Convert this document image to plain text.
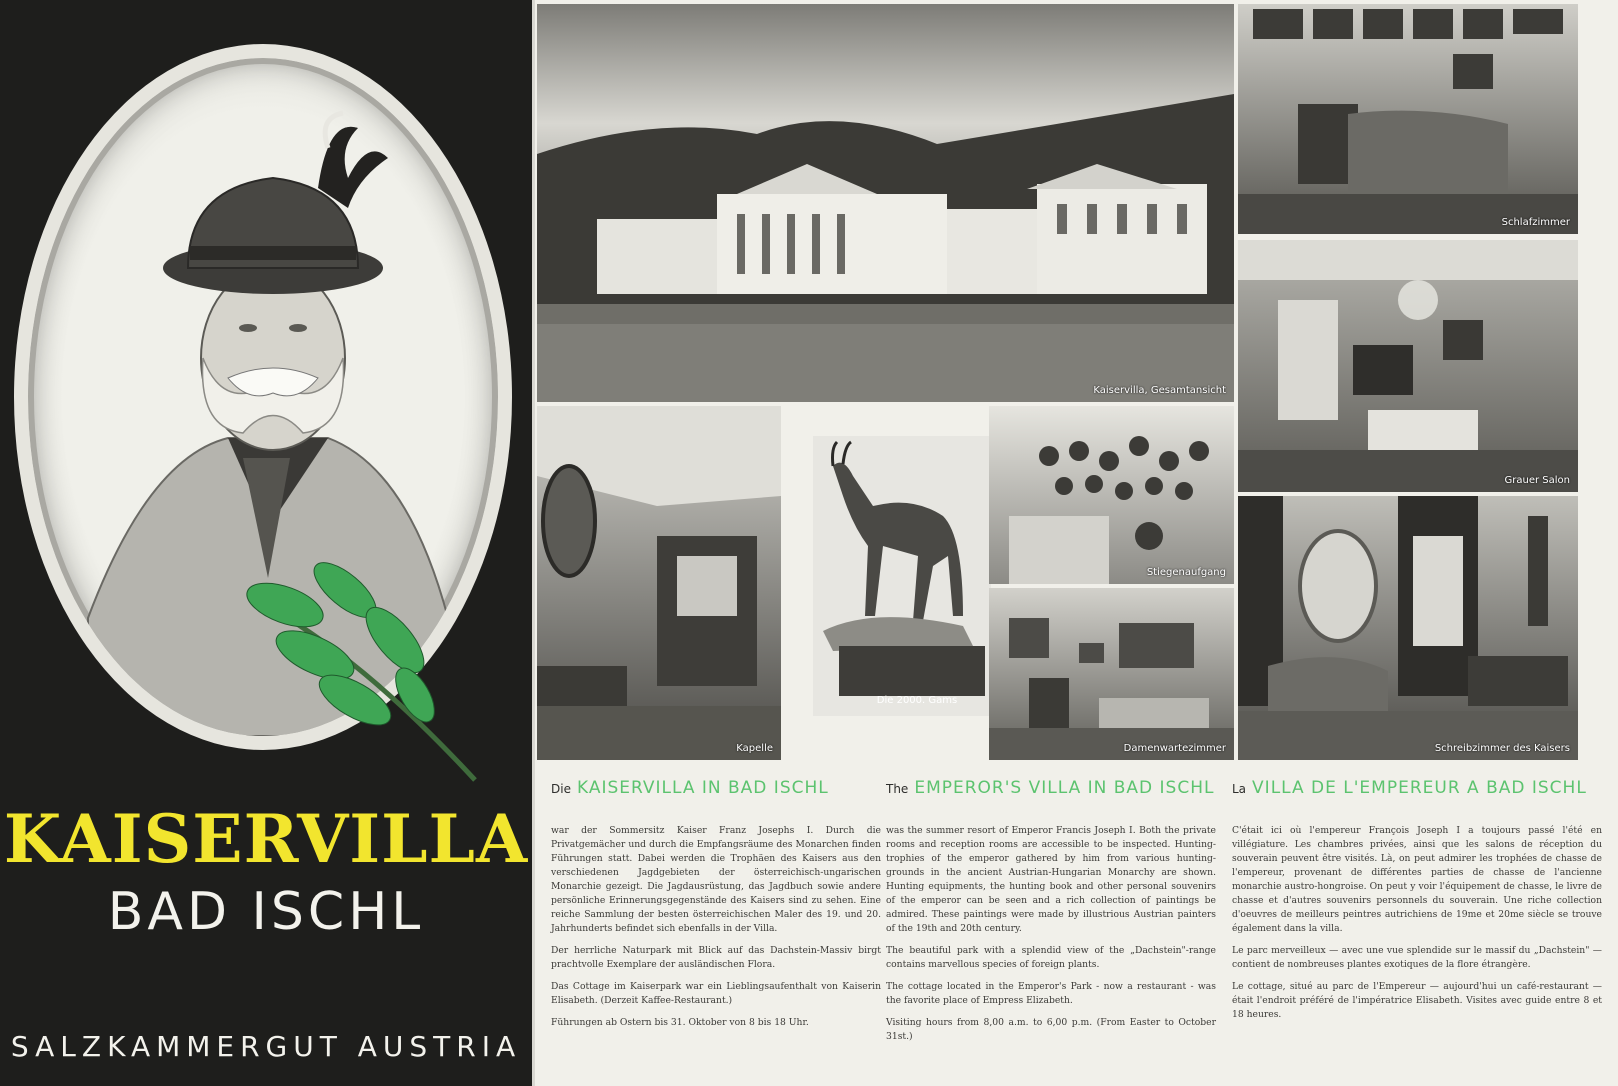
KAISERVILLA
BAD ISCHL
SALZKAMMERGUT AUSTRIA
Kaiservilla, Gesamtansicht
Schlafzimmer
Grauer Salon
Kapelle
Die 2000. Gams
Stiegenaufgang
Damenwartezimmer	Schreibzimmer des Kaisers
Die KAISERVILLA IN BAD ISCHL

war der Sommersitz Kaiser Franz Josephs I. Durch die Privatgemächer und durch die Empfangsräume des Monarchen finden Führungen statt. Dabei werden die Trophäen des Kaisers aus den verschiedenen Jagdgebieten der österreichisch-ungarischen Monarchie gezeigt. Die Jagdausrüstung, das Jagdbuch sowie andere persönliche Erinnerungsgegenstände des Kaisers sind zu sehen. Eine reiche Sammlung der besten österreichischen Maler des 19. und 20. Jahrhunderts befindet sich ebenfalls in der Villa.

Der herrliche Naturpark mit Blick auf das Dachstein-Massiv birgt prachtvolle Exemplare der ausländischen Flora.

Das Cottage im Kaiserpark war ein Lieblingsaufenthalt von Kaiserin Elisabeth. (Derzeit Kaffee-Restaurant.)

Führungen ab Ostern bis 31. Oktober von 8 bis 18 Uhr.

The EMPEROR'S VILLA IN BAD ISCHL

was the summer resort of Emperor Francis Joseph I. Both the private rooms and reception rooms are accessible to be inspected. Hunting-trophies of the emperor gathered by him from various hunting-grounds in the ancient Austrian-Hungarian Monarchy are shown. Hunting equipments, the hunting book and other personal souvenirs of the emperor can be seen and a rich collection of paintings be admired. These paintings were made by illustrious Austrian painters of the 19th and 20th century.

The beautiful park with a splendid view of the „Dachstein"-range contains marvellous species of foreign plants.

The cottage located in the Emperor's Park - now a restaurant - was the favorite place of Empress Elizabeth.

Visiting hours from 8,00 a.m. to 6,00 p.m. (From Easter to October 31st.)

La VILLA DE L'EMPEREUR A BAD ISCHL

C'était ici où l'empereur François Joseph I a toujours passé l'été en villégiature. Les chambres privées, ainsi que les salons de réception du souverain peuvent être visités. Là, on peut admirer les trophées de chasse de l'empereur, provenant de différentes parties de chasse de l'ancienne monarchie austro-hongroise. On peut y voir l'équipement de chasse, le livre de chasse et d'autres souvenirs personnels du souverain. Une riche collection d'oeuvres de meilleurs peintres autrichiens de 19me et 20me siècle se trouve également dans la villa.

Le parc merveilleux — avec une vue splendide sur le massif du „Dachstein" — contient de nombreuses plantes exotiques de la flore étrangère.

Le cottage, situé au parc de l'Empereur — aujourd'hui un café-restaurant — était l'endroit préféré de l'impératrice Elisabeth. Visites avec guide entre 8 et 18 heures.
